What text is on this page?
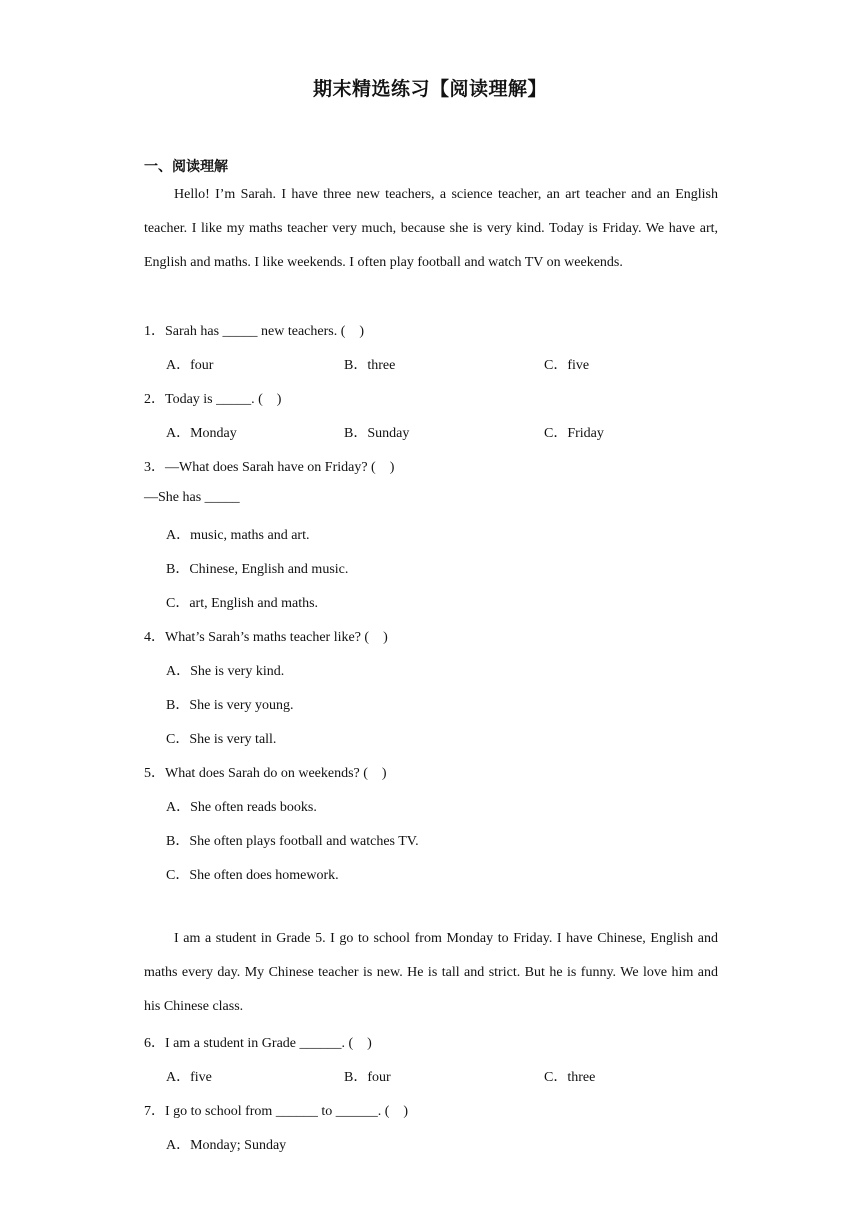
期末精选练习【阅读理解】
一、阅读理解
Hello! I’m Sarah. I have three new teachers, a science teacher, an art teacher and an English teacher. I like my maths teacher very much, because she is very kind. Today is Friday. We have art, English and maths. I like weekends. I often play football and watch TV on weekends.
1．Sarah has _____ new teachers. (　)
A．four	B．three	C．five
2．Today is _____. (　)
A．Monday	B．Sunday	C．Friday
3．—What does Sarah have on Friday? (　)
—She has _____
A．music, maths and art.
B．Chinese, English and music.
C．art, English and maths.
4．What’s Sarah’s maths teacher like? (　)
A．She is very kind.
B．She is very young.
C．She is very tall.
5．What does Sarah do on weekends? (　)
A．She often reads books.
B．She often plays football and watches TV.
C．She often does homework.
I am a student in Grade 5. I go to school from Monday to Friday. I have Chinese, English and maths every day. My Chinese teacher is new. He is tall and strict. But he is funny. We love him and his Chinese class.
6．I am a student in Grade ______. (　)
A．five	B．four	C．three
7．I go to school from ______ to ______. (　)
A．Monday; Sunday
